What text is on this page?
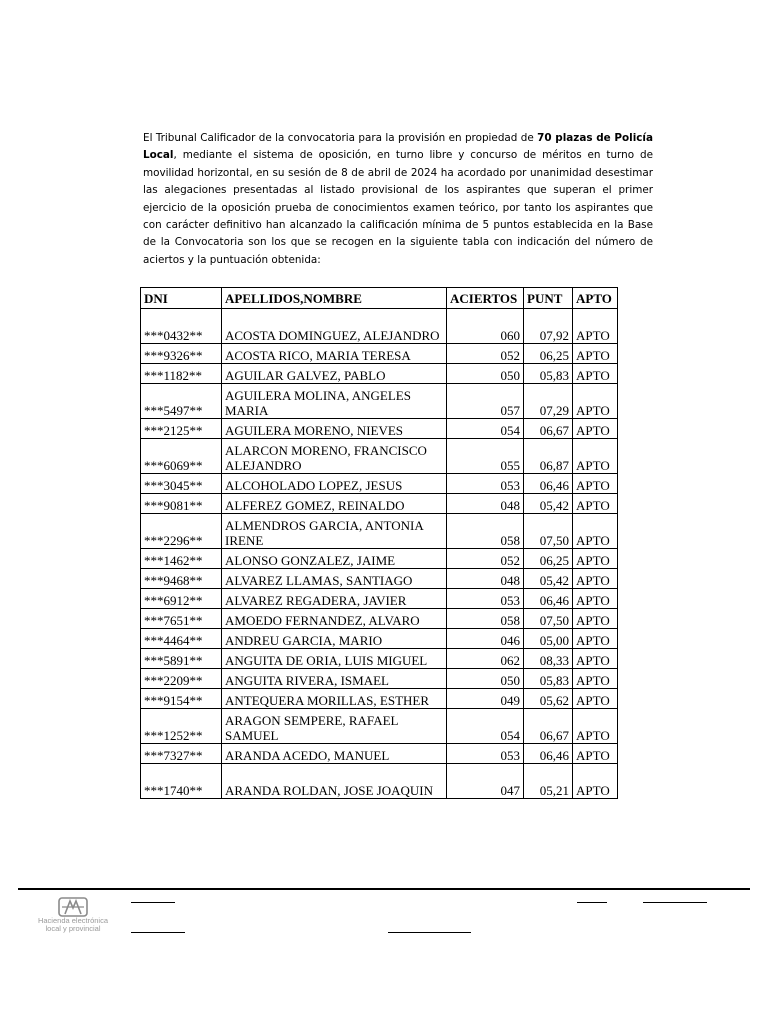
El Tribunal Calificador de la convocatoria para la provisión en propiedad de 70 plazas de Policía Local, mediante el sistema de oposición, en turno libre y concurso de méritos en turno de movilidad horizontal, en su sesión de 8 de abril de 2024 ha acordado por unanimidad desestimar las alegaciones presentadas al listado provisional de los aspirantes que superan el primer ejercicio de la oposición prueba de conocimientos examen teórico, por tanto los aspirantes que con carácter definitivo han alcanzado la calificación mínima de 5 puntos establecida en la Base de la Convocatoria son los que se recogen en la siguiente tabla con indicación del número de aciertos y la puntuación obtenida:
DNI	APELLIDOS,NOMBRE	ACIERTOS	PUNT	APTO
***0432**	ACOSTA DOMINGUEZ, ALEJANDRO	060	07,92	APTO
***9326**	ACOSTA RICO, MARIA TERESA	052	06,25	APTO
***1182**	AGUILAR GALVEZ, PABLO	050	05,83	APTO
***5497**	AGUILERA MOLINA, ANGELES MARIA	057	07,29	APTO
***2125**	AGUILERA MORENO, NIEVES	054	06,67	APTO
***6069**	ALARCON MORENO, FRANCISCO ALEJANDRO	055	06,87	APTO
***3045**	ALCOHOLADO LOPEZ, JESUS	053	06,46	APTO
***9081**	ALFEREZ GOMEZ, REINALDO	048	05,42	APTO
***2296**	ALMENDROS GARCIA, ANTONIA IRENE	058	07,50	APTO
***1462**	ALONSO GONZALEZ, JAIME	052	06,25	APTO
***9468**	ALVAREZ LLAMAS, SANTIAGO	048	05,42	APTO
***6912**	ALVAREZ REGADERA, JAVIER	053	06,46	APTO
***7651**	AMOEDO FERNANDEZ, ALVARO	058	07,50	APTO
***4464**	ANDREU GARCIA, MARIO	046	05,00	APTO
***5891**	ANGUITA DE ORIA, LUIS MIGUEL	062	08,33	APTO
***2209**	ANGUITA RIVERA, ISMAEL	050	05,83	APTO
***9154**	ANTEQUERA MORILLAS, ESTHER	049	05,62	APTO
***1252**	ARAGON SEMPERE, RAFAEL SAMUEL	054	06,67	APTO
***7327**	ARANDA ACEDO, MANUEL	053	06,46	APTO
***1740**	ARANDA ROLDAN, JOSE JOAQUIN	047	05,21	APTO
Hacienda electrónica
local y provincial
